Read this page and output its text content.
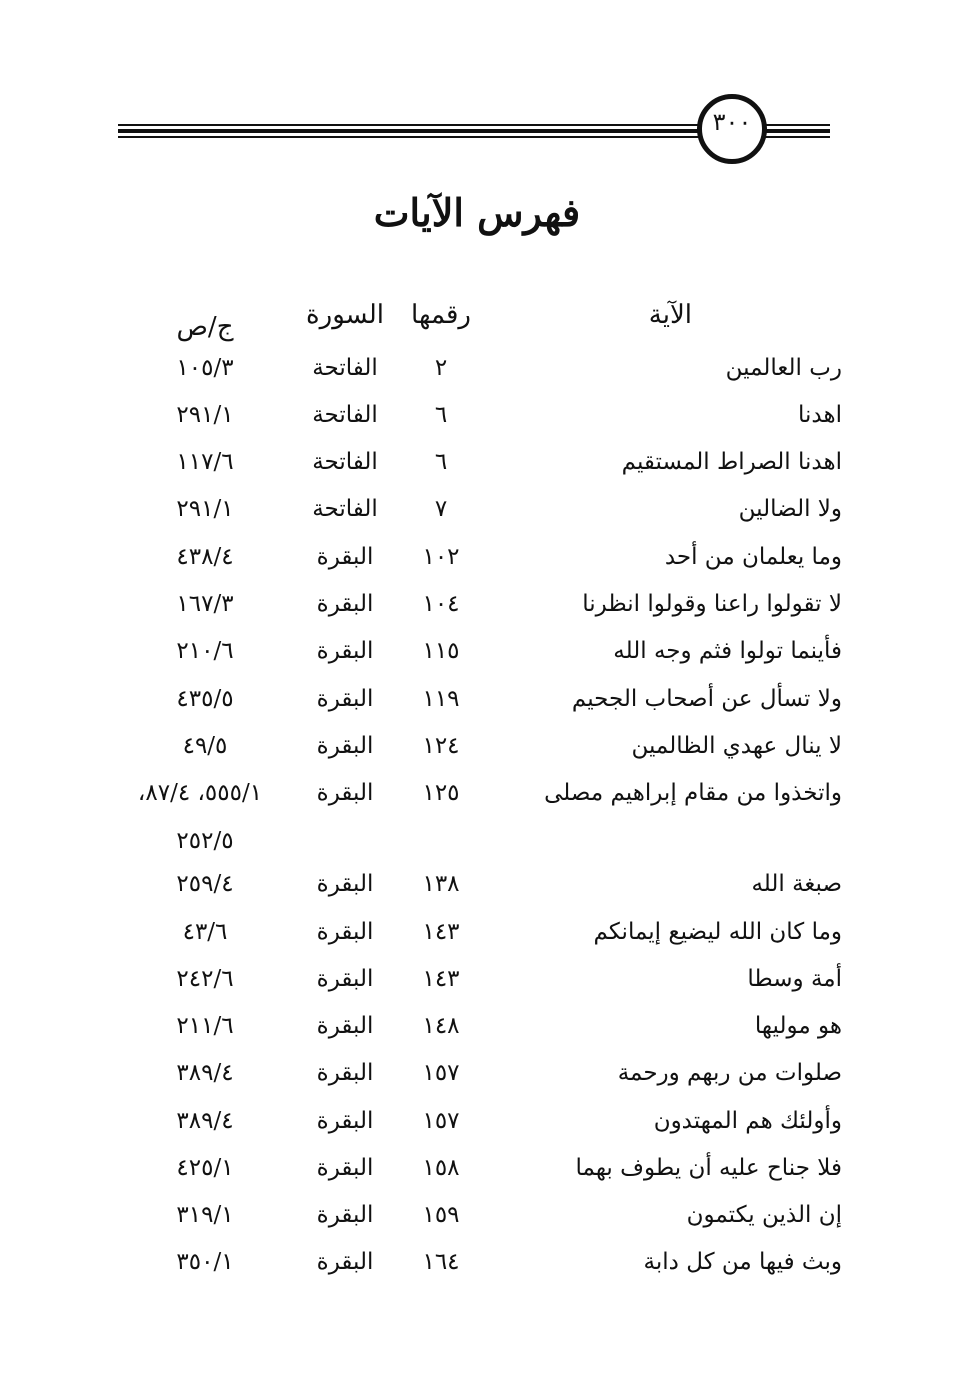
٣٠٠
فهرس الآيات
الآية
رقمها
السورة
ج/ص
رب العالمين
٢
الفاتحة
١٠٥/٣
اهدنا
٦
الفاتحة
٢٩١/١
اهدنا الصراط المستقيم
٦
الفاتحة
١١٧/٦
ولا الضالين
٧
الفاتحة
٢٩١/١
وما يعلمان من أحد
١٠٢
البقرة
٤٣٨/٤
لا تقولوا راعنا وقولوا انظرنا
١٠٤
البقرة
١٦٧/٣
فأينما تولوا فثم وجه الله
١١٥
البقرة
٢١٠/٦
ولا تسأل عن أصحاب الجحيم
١١٩
البقرة
٤٣٥/٥
لا ينال عهدي الظالمين
١٢٤
البقرة
٤٩/٥
واتخذوا من مقام إبراهيم مصلى
١٢٥
البقرة
٥٥٥/١، ٨٧/٤،
٢٥٢/٥
صبغة الله
١٣٨
البقرة
٢٥٩/٤
وما كان الله ليضيع إيمانكم
١٤٣
البقرة
٤٣/٦
أمة وسطا
١٤٣
البقرة
٢٤٢/٦
هو موليها
١٤٨
البقرة
٢١١/٦
صلوات من ربهم ورحمة
١٥٧
البقرة
٣٨٩/٤
وأولئك هم المهتدون
١٥٧
البقرة
٣٨٩/٤
فلا جناح عليه أن يطوف بهما
١٥٨
البقرة
٤٢٥/١
إن الذين يكتمون
١٥٩
البقرة
٣١٩/١
وبث فيها من كل دابة
١٦٤
البقرة
٣٥٠/١
